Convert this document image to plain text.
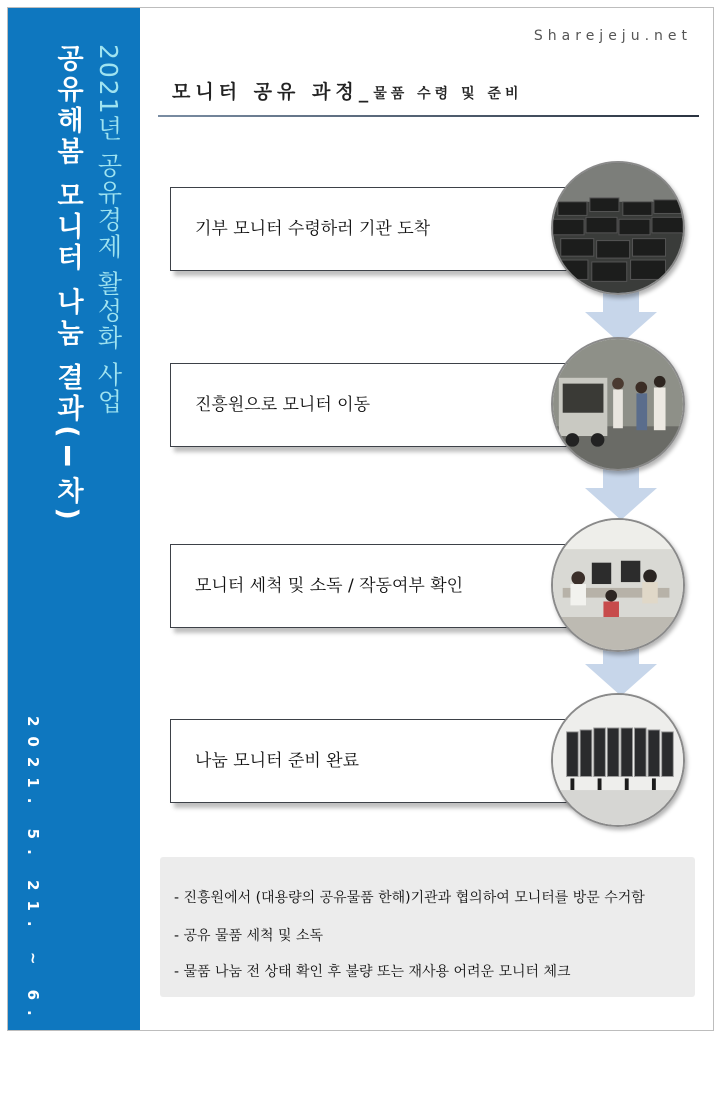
2021년 공유경제 활성화 사업
공유해봄 모니터 나눔 결과(Ⅰ차)
2021. 5. 21. ~ 6. 24.
Sharejeju.net
모니터 공유 과정_물품 수령 및 준비
기부 모니터 수령하러 기관 도착
진흥원으로 모니터 이동
모니터 세척 및 소독 / 작동여부 확인
나눔 모니터 준비 완료
- 진흥원에서 (대용량의 공유물품 한해)기관과 협의하여 모니터를 방문 수거함
- 공유 물품 세척 및 소독
- 물품 나눔 전 상태 확인 후 불량 또는 재사용 어려운 모니터 체크
